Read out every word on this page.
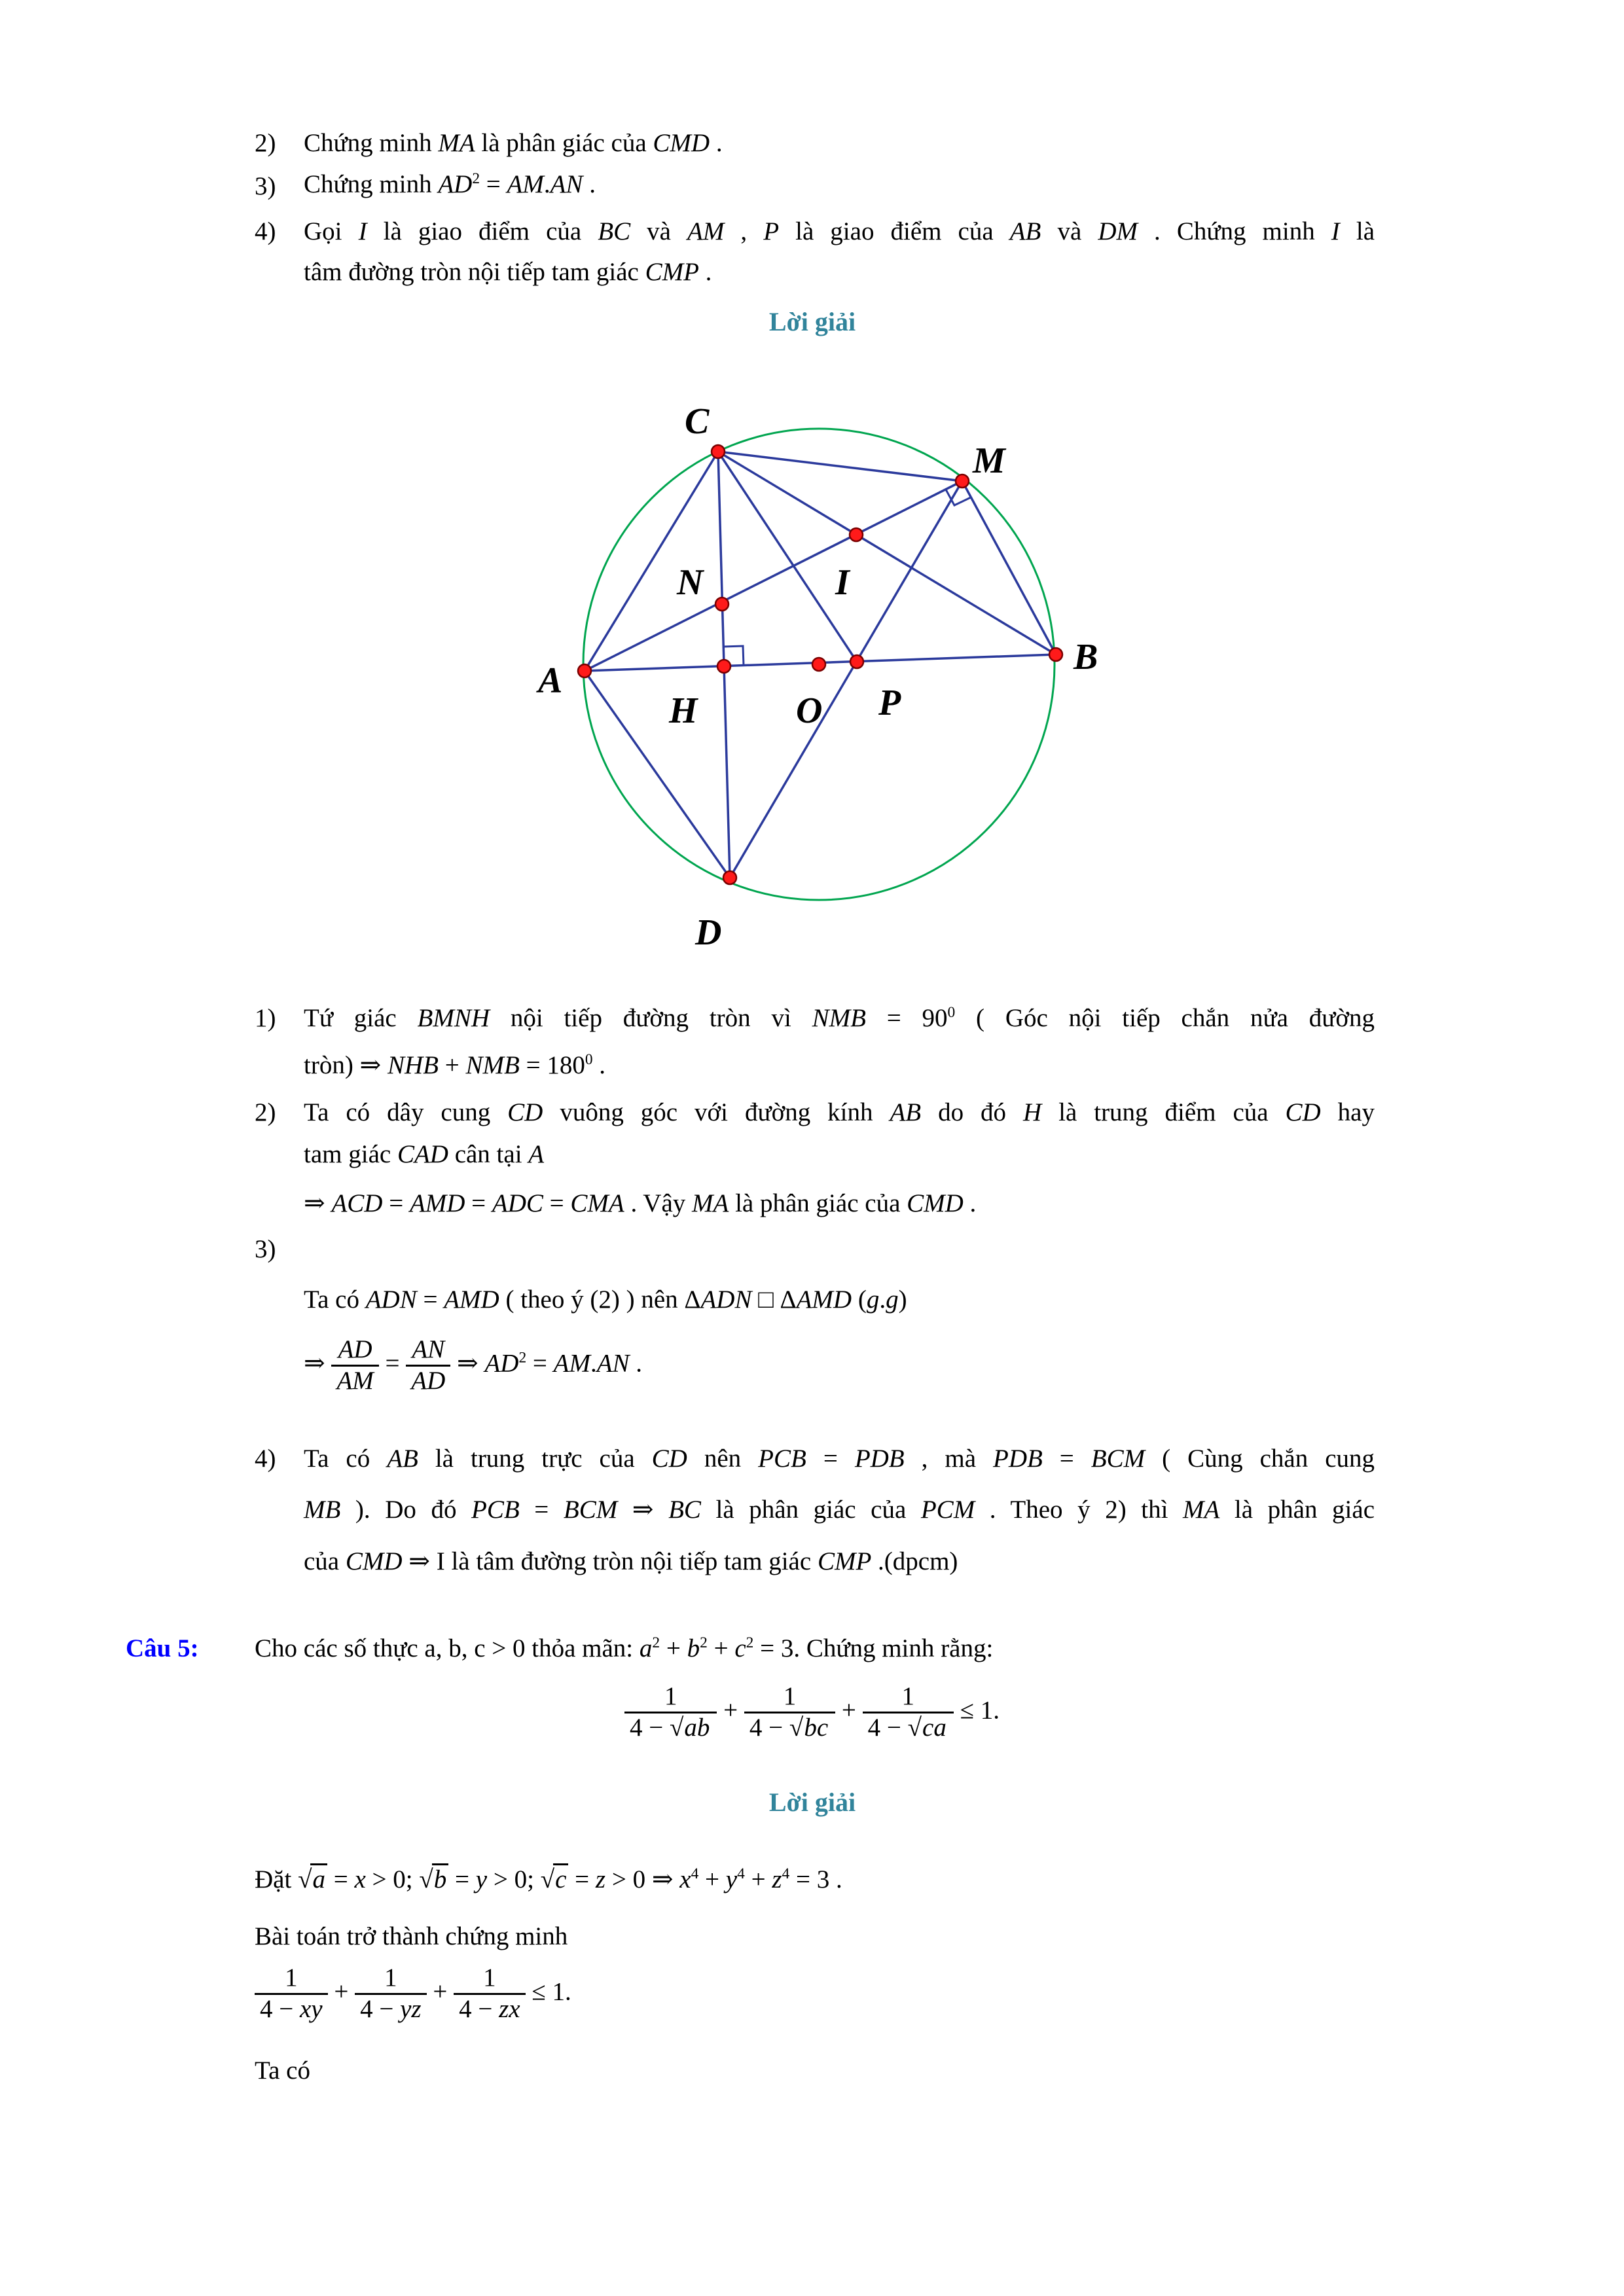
2) Chứng minh MA là phân giác của CMD .
3) Chứng minh $AD^2 = AM.AN$ .
4) Gọi I là giao điểm của BC và AM , P là giao điểm của AB và DM . Chứng minh I là
tâm đường tròn nội tiếp tam giác CMP .
Lời giải
C
M
N	I
A
B
H	O P
D
1) Tứ giác BMNH nội tiếp đường tròn vì NMB = $90^0$ ( Góc nội tiếp chắn nửa đường
tròn) ⇒ NHB + NMB = $180^0$ .
2) Ta có dây cung CD vuông góc với đường kính AB do đó H là trung điểm của CD hay
tam giác CAD cân tại A
⇒ ACD = AMD = ADC = CMA . Vậy MA là phân giác của CMD .
3)
Ta có ADN = AMD ( theo ý (2) ) nên ΔADN □ ΔAMD (g.g)
⇒ $\frac{AD}{AM} = \frac{AN}{AD}$ ⇒ $AD^2 = AM.AN$ .
4) Ta có AB là trung trực của CD nên PCB = PDB , mà PDB = BCM ( Cùng chắn cung
MB ). Do đó PCB = BCM ⇒ BC là phân giác của PCM . Theo ý 2) thì MA là phân giác
của CMD ⇒ I là tâm đường tròn nội tiếp tam giác CMP .(dpcm)
Câu 5: Cho các số thực a, b, c > 0 thỏa mãn: $a^2 + b^2 + c^2 = 3$. Chứng minh rằng:
$\frac{1}{4 - √ab} + \frac{1}{4 - √bc} + \frac{1}{4 - √ca} \le 1$.
Lời giải
Đặt √a = x > 0; √b = y > 0; √c = z > 0 ⇒ $x^4 + y^4 + z^4 = 3$ .
Bài toán trở thành chứng minh
$\frac{1}{4 - xy} + \frac{1}{4 - yz} + \frac{1}{4 - zx} \le 1$.
Ta có
